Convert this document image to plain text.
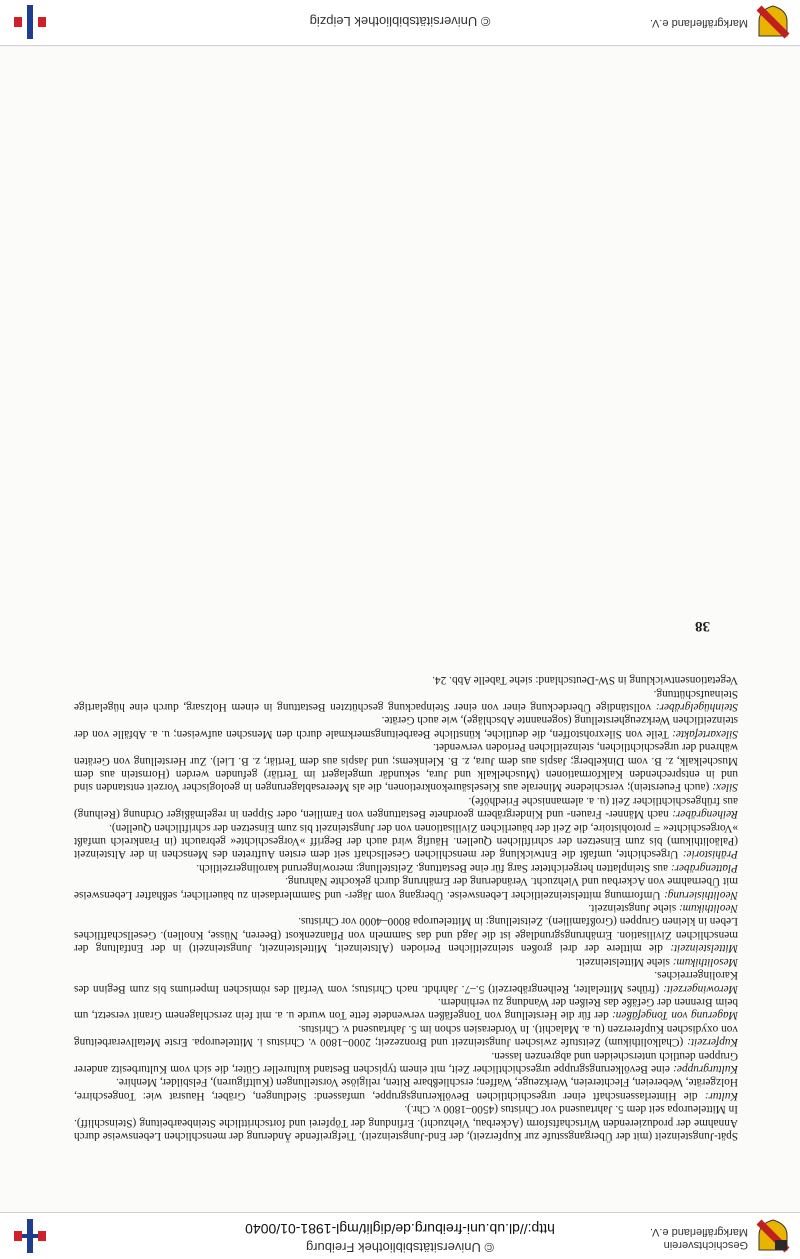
Geschichtsverein
Markgräflerland e.V.
© Universitätsbibliothek Freiburg
http://dl.ub.uni-freiburg.de/diglit/mgl-1981-01/0040

Spät-Jungsteinzeit (mit der Übergangsstufe zur Kupferzeit), der End-Jungsteinzeit). Tiefgreifende Änderung der menschlichen Lebensweise durch Annahme der produzierenden Wirtschaftsform (Ackerbau, Viehzucht). Erfindung der Töpferei und fortschrittliche Steinbearbeitung (Steinschliff). In Mitteleuropa seit dem 5. Jahrtausend vor Christus (4500–1800 v. Chr.).

Kultur: die Hinterlassenschaft einer urgeschichtlichen Bevölkerungsgruppe, umfassend: Siedlungen, Gräber, Hausrat wie: Tongeschirre, Holzgeräte, Webereien, Flechtereien, Werkzeuge, Waffen; erschließbare Riten, religiöse Vorstellungen (Kultfiguren), Felsbilder, Menhire.

Kulturgruppe: eine Bevölkerungsgruppe urgeschichtlicher Zeit, mit einem typischen Bestand kultureller Güter, die sich vom Kulturbesitz anderer Gruppen deutlich unterscheiden und abgrenzen lassen.

Kupferzeit: (Chalkolithikum) Zeitstufe zwischen Jungsteinzeit und Bronzezeit; 2000–1800 v. Christus i. Mitteleuropa. Erste Metallverarbeitung von oxydischen Kupfererzen (u. a. Malachit). In Vorderasien schon im 5. Jahrtausend v. Christus.

Magerung von Tongefäßen: der für die Herstellung von Tongefäßen verwendete fette Ton wurde u. a. mit fein zerschlagenem Granit versetzt, um beim Brennen der Gefäße das Reißen der Wandung zu verhindern.

Merowingerzeit: (frühes Mittelalter, Reihengräberzeit) 5.–7. Jahrhdt. nach Christus; vom Verfall des römischen Imperiums bis zum Beginn des Karolingerreiches.

Mesolithikum: siehe Mittelsteinzeit.

Mittelsteinzeit: die mittlere der drei großen steinzeitlichen Perioden (Altsteinzeit, Mittelsteinzeit, Jungsteinzeit) in der Entfaltung der menschlichen Zivilisation. Ernährungsgrundlage ist die Jagd und das Sammeln von Pflanzenkost (Beeren, Nüsse, Knollen). Gesellschaftliches Leben in kleinen Gruppen (Großfamilien). Zeitstellung: in Mitteleuropa 8000–4000 vor Christus.

Neolithikum: siehe Jungsteinzeit.

Neolithisierung: Umformung mittelsteinzeitlicher Lebensweise. Übergang vom Jäger- und Sammlerdasein zu bäuerlicher, seßhafter Lebensweise mit Übernahme von Ackerbau und Viehzucht. Veränderung der Ernährung durch gekochte Nahrung.

Plattengräber: aus Steinplatten hergerichteter Sarg für eine Bestattung. Zeitstellung: merowingerund karolingerzeitlich.

Prähistorie: Urgeschichte, umfaßt die Entwicklung der menschlichen Gesellschaft seit dem ersten Auftreten des Menschen in der Altsteinzeit (Paläolithikum) bis zum Einsetzen der schriftlichen Quellen. Häufig wird auch der Begriff »Vorgeschichte« gebraucht (in Frankreich umfaßt »Vorgeschichte« = protohistoire, die Zeit der bäuerlichen Zivilisationen von der Jungsteinzeit bis zum Einsetzen der schriftlichen Quellen).

Reihengräber: nach Männer- Frauen- und Kindergräbern geordnete Bestattungen von Familien, oder Sippen in regelmäßiger Ordnung (Reihung) aus frühgeschichtlicher Zeit (u. a. alemannische Friedhöfe).

Silex: (auch Feuerstein); verschiedene Minerale aus Kieselsäurekonkretionen, die als Meeresablagerungen in geologischer Vorzeit entstanden sind und in entsprechenden Kalkformationen (Muschelkalk und Jura, sekundär umgelagert im Tertiär) gefunden werden (Hornstein aus dem Muschelkalk, z. B. vom Dinkelberg; Jaspis aus dem Jura, z. B. Kleinkems; und Jaspis aus dem Tertiär, z. B. Liel). Zur Herstellung von Geräten während der urgeschichtlichen, steinzeitlichen Perioden verwendet.

Silexartefakte: Teile von Silexrohstoffen, die deutliche, künstliche Bearbeitungsmerkmale durch den Menschen aufweisen; u. a. Abfälle von der steinzeitlichen Werkzeugherstellung (sogenannte Abschläge), wie auch Geräte.

Steinhügelgräber: vollständige Überdeckung einer von einer Steinpackung geschützten Bestattung in einem Holzsarg, durch eine hügelartige Steinaufschüttung.

Vegetationsentwicklung in SW-Deutschland: siehe Tabelle Abb. 24.

38
Markgräflerland e.V.
© Universitätsbibliothek Leipzig
